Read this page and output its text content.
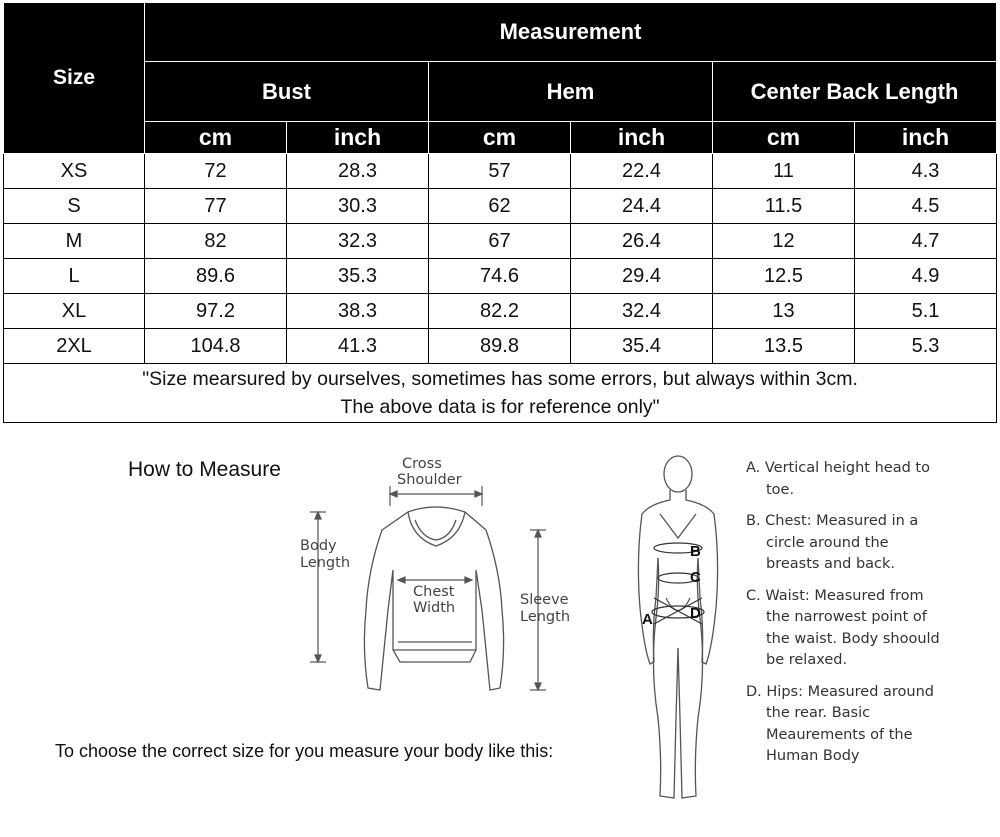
Size	Measurement					
	Bust		Hem		Center Back Length	
	cm	inch	cm	inch	cm	inch
XS	72	28.3	57	22.4	11	4.3
S	77	30.3	62	24.4	11.5	4.5
M	82	32.3	67	26.4	12	4.7
L	89.6	35.3	74.6	29.4	12.5	4.9
XL	97.2	38.3	82.2	32.4	13	5.1
2XL	104.8	41.3	89.8	35.4	13.5	5.3
"Size mearsured by ourselves, sometimes has some errors, but always within 3cm.
The above data is for reference only"						
How to Measure
To choose the correct size for you measure your body like this:
Cross
Shoulder
Body
Length
Chest
Width	Sleeve
Length	A
B
C
D
A. Vertical height head to toe.
B. Chest: Measured in a circle around the breasts and back.
C. Waist: Measured from the narrowest point of the waist. Body shoould be relaxed.
D. Hips: Measured around the rear. Basic Meaurements of the Human Body
